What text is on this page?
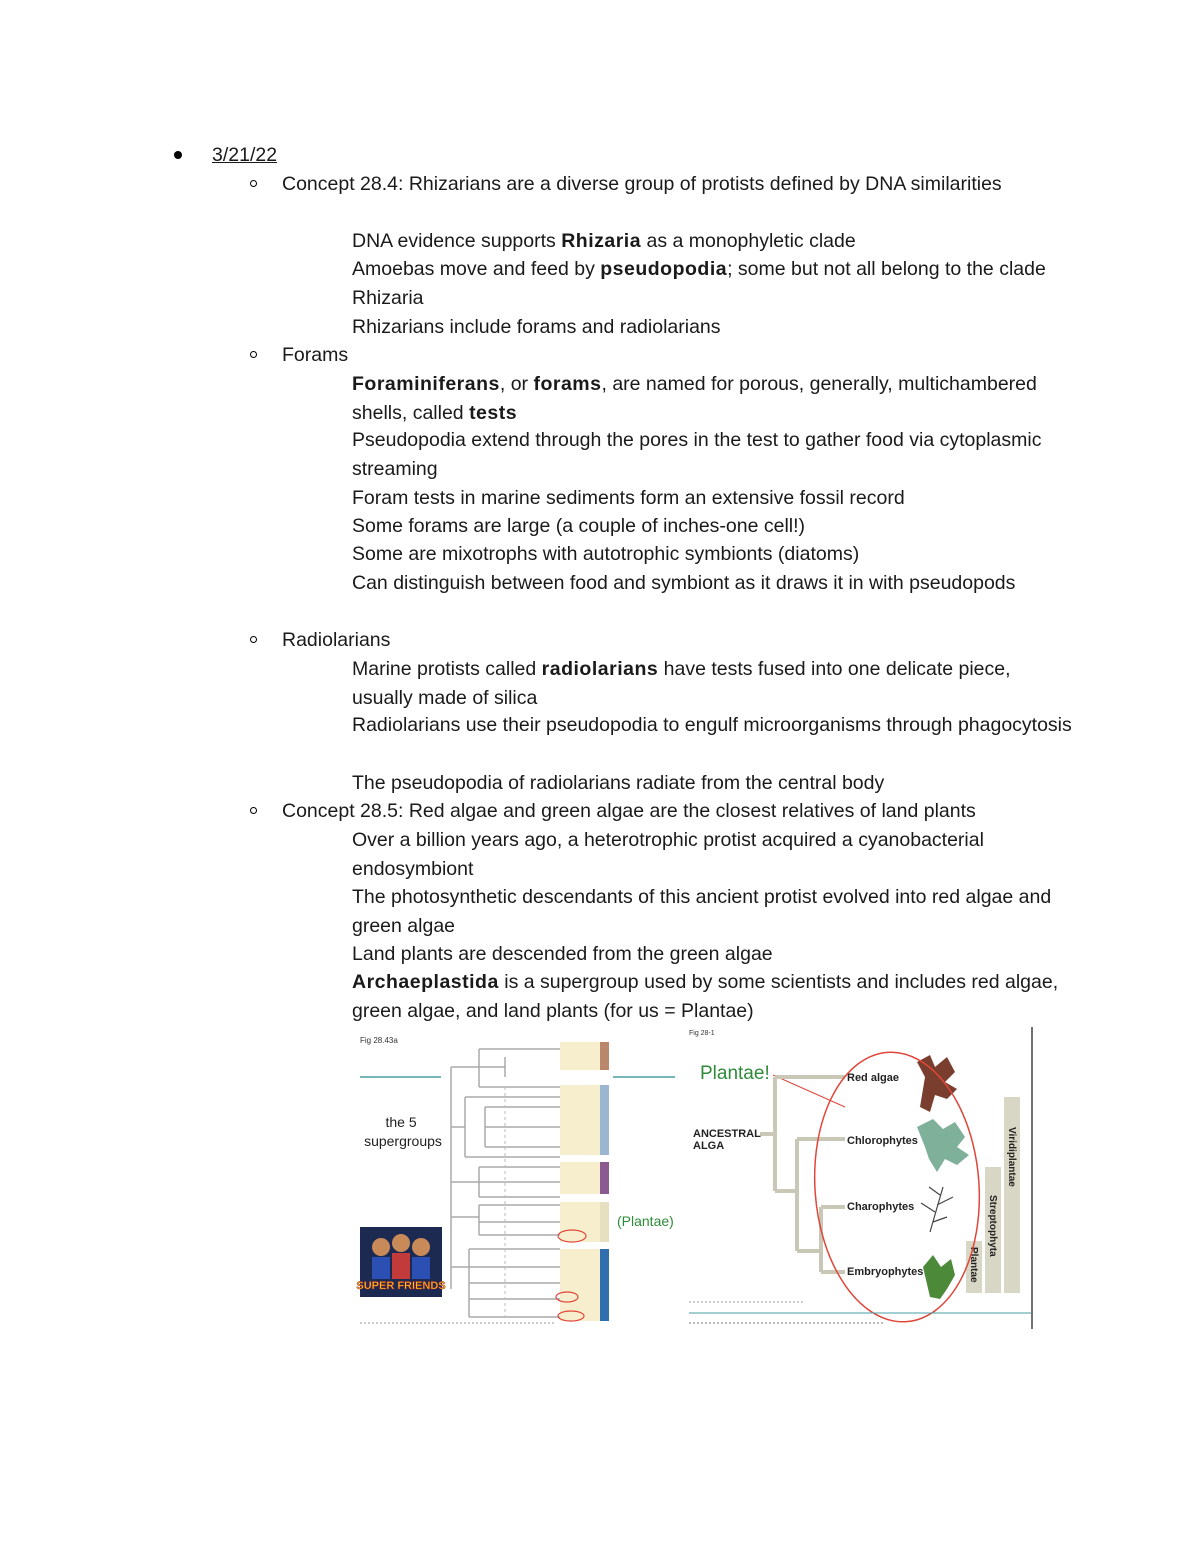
3/21/22
Concept 28.4: Rhizarians are a diverse group of protists defined by DNA similarities
DNA evidence supports Rhizaria as a monophyletic clade
Amoebas move and feed by pseudopodia; some but not all belong to the clade Rhizaria
Rhizarians include forams and radiolarians
Forams
Foraminiferans, or forams, are named for porous, generally, multichambered shells, called tests
Pseudopodia extend through the pores in the test to gather food via cytoplasmic streaming
Foram tests in marine sediments form an extensive fossil record
Some forams are large (a couple of inches-one cell!)
Some are mixotrophs with autotrophic symbionts (diatoms)
Can distinguish between food and symbiont as it draws it in with pseudopods
Radiolarians
Marine protists called radiolarians have tests fused into one delicate piece, usually made of silica
Radiolarians use their pseudopodia to engulf microorganisms through phagocytosis
The pseudopodia of radiolarians radiate from the central body
Concept 28.5: Red algae and green algae are the closest relatives of land plants
Over a billion years ago, a heterotrophic protist acquired a cyanobacterial endosymbiont
The photosynthetic descendants of this ancient protist evolved into red algae and green algae
Land plants are descended from the green algae
Archaeplastida is a supergroup used by some scientists and includes red algae, green algae, and land plants (for us = Plantae)
Fig 28.43a
the 5 supergroups
(Plantae)
SUPER FRIENDS
Fig 28-1
Plantae!
ANCESTRAL ALGA
Red algae
Chlorophytes
Charophytes
Embryophytes
Viridiplantae
Streptophyta
Plantae
